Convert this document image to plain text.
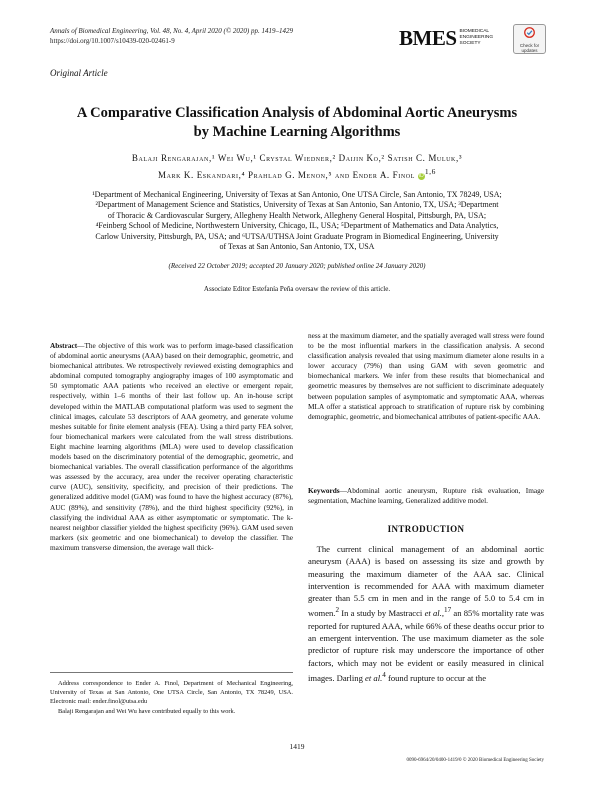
Annals of Biomedical Engineering, Vol. 48, No. 4, April 2020 (© 2020) pp. 1419–1429
https://doi.org/10.1007/s10439-020-02461-9	BMES BIOMEDICAL
ENGINEERING
SOCIETY	Check for
updates
Original Article
A Comparative Classification Analysis of Abdominal Aortic Aneurysms
by Machine Learning Algorithms
Balaji Rengarajan,¹ Wei Wu,¹ Crystal Wiedner,² Daijin Ko,² Satish C. Muluk,³
Mark K. Eskandari,⁴ Prahlad G. Menon,⁵ and Ender A. Finol iD$^{1,6}$
¹Department of Mechanical Engineering, University of Texas at San Antonio, One UTSA Circle, San Antonio, TX 78249, USA;
²Department of Management Science and Statistics, University of Texas at San Antonio, San Antonio, TX, USA; ³Department
of Thoracic & Cardiovascular Surgery, Allegheny Health Network, Allegheny General Hospital, Pittsburgh, PA, USA;
⁴Feinberg School of Medicine, Northwestern University, Chicago, IL, USA; ⁵Department of Mathematics and Data Analytics,
Carlow University, Pittsburgh, PA, USA; and ⁶UTSA/UTHSA Joint Graduate Program in Biomedical Engineering, University
of Texas at San Antonio, San Antonio, TX, USA
(Received 22 October 2019; accepted 20 January 2020; published online 24 January 2020)
Associate Editor Estefanía Peña oversaw the review of this article.
Abstract—The objective of this work was to perform image-based classification of abdominal aortic aneurysms (AAA) based on their demographic, geometric, and biomechanical attributes. We retrospectively reviewed existing demographics and abdominal computed tomography angiography images of 100 asymptomatic and 50 symptomatic AAA patients who received an elective or emergent repair, respectively, within 1–6 months of their last follow up. An in-house script developed within the MATLAB computational platform was used to segment the clinical images, calculate 53 descriptors of AAA geometry, and generate volume meshes suitable for finite element analysis (FEA). Using a third party FEA solver, four biomechanical markers were calculated from the wall stress distributions. Eight machine learning algorithms (MLA) were used to develop classification models based on the discriminatory potential of the demographic, geometric, and biomechanical variables. The overall classification performance of the algorithms was assessed by the accuracy, area under the receiver operating characteristic curve (AUC), sensitivity, specificity, and precision of their predictions. The generalized additive model (GAM) was found to have the highest accuracy (87%), AUC (89%), and sensitivity (78%), and the third highest specificity (92%), in classifying the individual AAA as either asymptomatic or symptomatic. The k-nearest neighbor classifier yielded the highest specificity (96%). GAM used seven markers (six geometric and one biomechanical) to develop the classifier. The maximum transverse dimension, the average wall thick-
ness at the maximum diameter, and the spatially averaged wall stress were found to be the most influential markers in the classification analysis. A second classification analysis revealed that using maximum diameter alone results in a lower accuracy (79%) than using GAM with seven geometric and biomechanical markers. We infer from these results that biomechanical and geometric measures by themselves are not sufficient to discriminate adequately between population samples of asymptomatic and symptomatic AAA, whereas MLA offer a statistical approach to stratification of rupture risk by combining demographic, geometric, and biomechanical attributes of patient-specific AAA.
Keywords—Abdominal aortic aneurysm, Rupture risk evaluation, Image segmentation, Machine learning, Generalized additive model.
INTRODUCTION
 The current clinical management of an abdominal aortic aneurysm (AAA) is based on assessing its size and growth by measuring the maximum diameter of the AAA sac. Clinical intervention is recommended for AAA with maximum diameter greater than 5.5 cm in men and in the range of 5.0 to 5.4 cm in women.$^2$ In a study by Mastracci et al.,$^{17}$ an 85% mortality rate was reported for ruptured AAA, while 66% of these deaths occur prior to an emergent intervention. The use maximum diameter as the sole predictor of rupture risk may underscore the importance of other factors, which may not be evident or easily measured in clinical images. Darling et al.$^4$ found rupture to occur at the
Address correspondence to Ender A. Finol, Department of Mechanical Engineering, University of Texas at San Antonio, One UTSA Circle, San Antonio, TX 78249, USA. Electronic mail: ender.finol@utsa.edu
Balaji Rengarajan and Wei Wu have contributed equally to this work.
1419
0090-6964/20/0400-1419/0 © 2020 Biomedical Engineering Society
